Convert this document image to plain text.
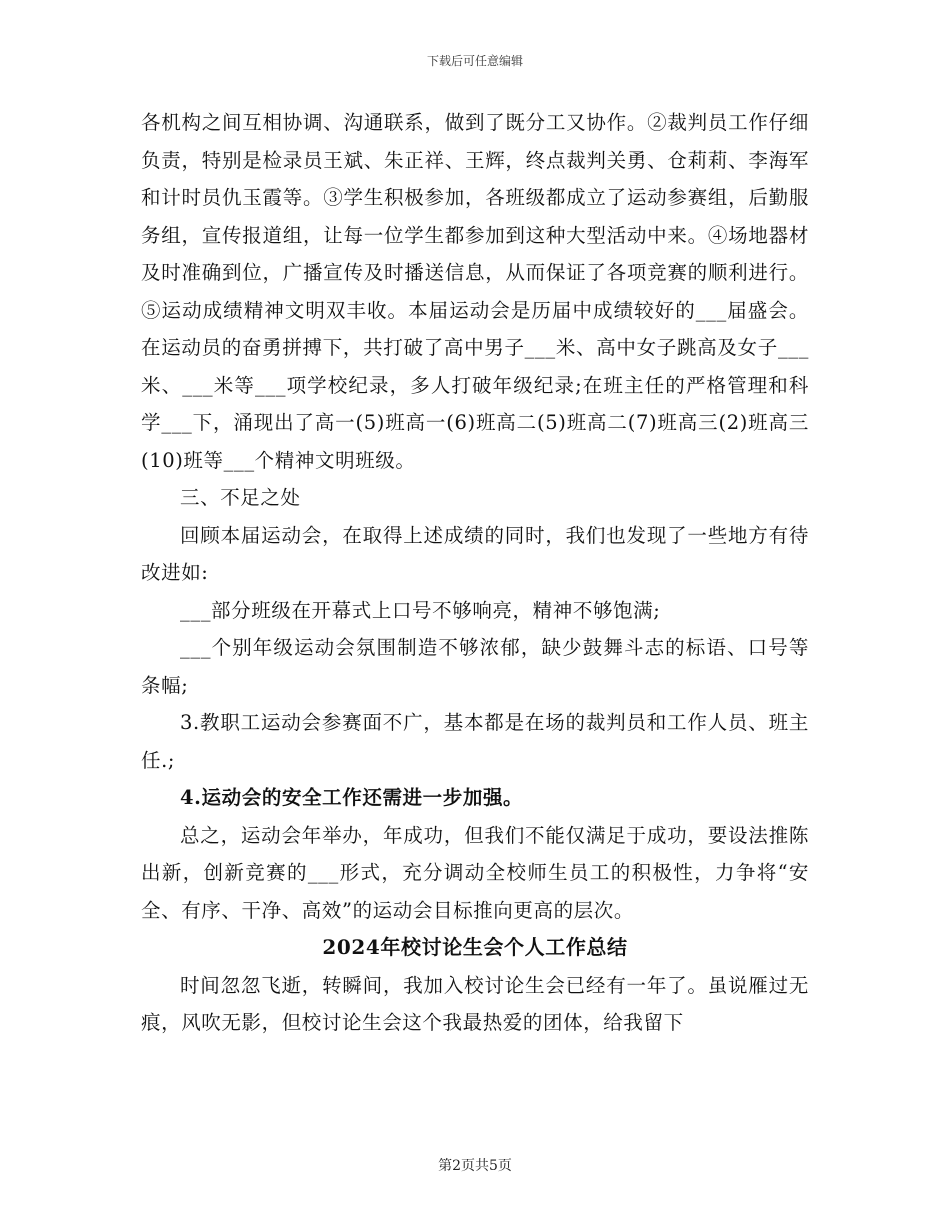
下载后可任意编辑

各机构之间互相协调、沟通联系，做到了既分工又协作。②裁判员工作仔细负责，特别是检录员王斌、朱正祥、王辉，终点裁判关勇、仓莉莉、李海军和计时员仇玉霞等。③学生积极参加，各班级都成立了运动参赛组，后勤服务组，宣传报道组，让每一位学生都参加到这种大型活动中来。④场地器材及时准确到位，广播宣传及时播送信息，从而保证了各项竞赛的顺利进行。⑤运动成绩精神文明双丰收。本届运动会是历届中成绩较好的___届盛会。在运动员的奋勇拼搏下，共打破了高中男子___米、高中女子跳高及女子___米、___米等___项学校纪录，多人打破年级纪录;在班主任的严格管理和科学___下，涌现出了高一(5)班高一(6)班高二(5)班高二(7)班高三(2)班高三(10)班等___个精神文明班级。

三、不足之处

回顾本届运动会，在取得上述成绩的同时，我们也发现了一些地方有待改进如:

___部分班级在开幕式上口号不够响亮，精神不够饱满;

___个别年级运动会氛围制造不够浓郁，缺少鼓舞斗志的标语、口号等条幅;

3.教职工运动会参赛面不广，基本都是在场的裁判员和工作人员、班主任.;

4.运动会的安全工作还需进一步加强。

总之，运动会年举办，年成功，但我们不能仅满足于成功，要设法推陈出新，创新竞赛的___形式，充分调动全校师生员工的积极性，力争将“安全、有序、干净、高效”的运动会目标推向更高的层次。

2024年校讨论生会个人工作总结

时间忽忽飞逝，转瞬间，我加入校讨论生会已经有一年了。虽说雁过无痕，风吹无影，但校讨论生会这个我最热爱的团体，给我留下

第2页共5页
